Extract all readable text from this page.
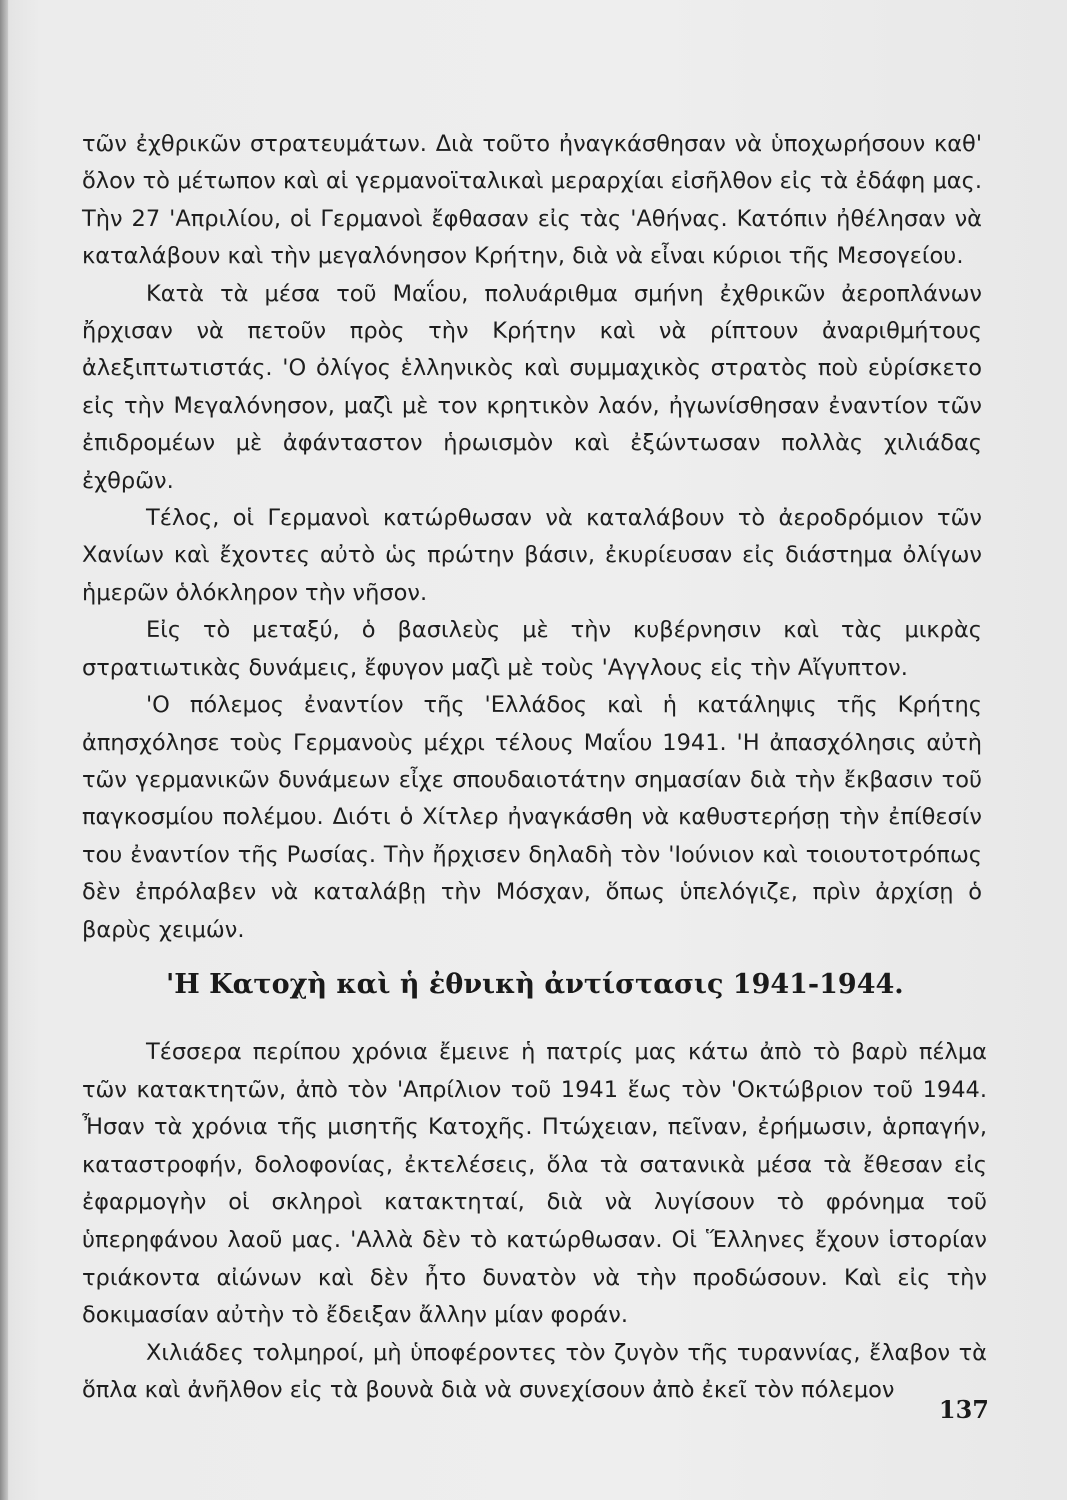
τῶν ἐχθρικῶν στρατευμάτων. Διὰ τοῦτο ἠναγκάσθησαν νὰ ὑποχωρήσουν καθ' ὅλον τὸ μέτωπον καὶ αἱ γερμανοϊταλικαὶ μεραρχίαι εἰσῆλθον εἰς τὰ ἐδάφη μας. Τὴν 27 'Απριλίου, οἱ Γερμανοὶ ἔφθασαν εἰς τὰς 'Αθήνας. Κατόπιν ἠθέλησαν νὰ καταλάβουν καὶ τὴν μεγαλόνησον Κρήτην, διὰ νὰ εἶναι κύριοι τῆς Μεσογείου.

Κατὰ τὰ μέσα τοῦ Μαΐου, πολυάριθμα σμήνη ἐχθρικῶν ἀεροπλάνων ἤρχισαν νὰ πετοῦν πρὸς τὴν Κρήτην καὶ νὰ ρίπτουν ἀναριθμήτους ἀλεξιπτωτιστάς. 'Ο ὀλίγος ἑλληνικὸς καὶ συμμαχικὸς στρατὸς ποὺ εὑρίσκετο εἰς τὴν Μεγαλόνησον, μαζὶ μὲ τον κρητικὸν λαόν, ἠγωνίσθησαν ἐναντίον τῶν ἐπιδρομέων μὲ ἀφάνταστον ἡρωισμὸν καὶ ἐξώντωσαν πολλὰς χιλιάδας ἐχθρῶν.

Τέλος, οἱ Γερμανοὶ κατώρθωσαν νὰ καταλάβουν τὸ ἀεροδρόμιον τῶν Χανίων καὶ ἔχοντες αὐτὸ ὡς πρώτην βάσιν, ἐκυρίευσαν εἰς διάστημα ὀλίγων ἡμερῶν ὁλόκληρον τὴν νῆσον.

Εἰς τὸ μεταξύ, ὁ βασιλεὺς μὲ τὴν κυβέρνησιν καὶ τὰς μικρὰς στρατιωτικὰς δυνάμεις, ἔφυγον μαζὶ μὲ τοὺς 'Αγγλους εἰς τὴν Αἴγυπτον.

'Ο πόλεμος ἐναντίον τῆς 'Ελλάδος καὶ ἡ κατάληψις τῆς Κρήτης ἀπησχόλησε τοὺς Γερμανοὺς μέχρι τέλους Μαΐου 1941. 'Η ἀπασχόλησις αὐτὴ τῶν γερμανικῶν δυνάμεων εἶχε σπουδαιοτάτην σημασίαν διὰ τὴν ἔκβασιν τοῦ παγκοσμίου πολέμου. Διότι ὁ Χίτλερ ἠναγκάσθη νὰ καθυστερήσῃ τὴν ἐπίθεσίν του ἐναντίον τῆς Ρωσίας. Τὴν ἤρχισεν δηλαδὴ τὸν 'Ιούνιον καὶ τοιουτοτρόπως δὲν ἐπρόλαβεν νὰ καταλάβῃ τὴν Μόσχαν, ὅπως ὑπελόγιζε, πρὶν ἀρχίσῃ ὁ βαρὺς χειμών.

'Η Κατοχὴ καὶ ἡ ἐθνικὴ ἀντίστασις 1941-1944.

Τέσσερα περίπου χρόνια ἔμεινε ἡ πατρίς μας κάτω ἀπὸ τὸ βαρὺ πέλμα τῶν κατακτητῶν, ἀπὸ τὸν 'Απρίλιον τοῦ 1941 ἕως τὸν 'Οκτώβριον τοῦ 1944. Ἦσαν τὰ χρόνια τῆς μισητῆς Κατοχῆς. Πτώχειαν, πεῖναν, ἐρήμωσιν, ἁρπαγήν, καταστροφήν, δολοφονίας, ἐκτελέσεις, ὅλα τὰ σατανικὰ μέσα τὰ ἔθεσαν εἰς ἐφαρμογὴν οἱ σκληροὶ κατακτηταί, διὰ νὰ λυγίσουν τὸ φρόνημα τοῦ ὑπερηφάνου λαοῦ μας. 'Αλλὰ δὲν τὸ κατώρθωσαν. Οἱ Ἕλληνες ἔχουν ἱστορίαν τριάκοντα αἰώνων καὶ δὲν ἦτο δυνατὸν νὰ τὴν προδώσουν. Καὶ εἰς τὴν δοκιμασίαν αὐτὴν τὸ ἔδειξαν ἄλλην μίαν φοράν.

Χιλιάδες τολμηροί, μὴ ὑποφέροντες τὸν ζυγὸν τῆς τυραννίας, ἔλαβον τὰ ὅπλα καὶ ἀνῆλθον εἰς τὰ βουνὰ διὰ νὰ συνεχίσουν ἀπὸ ἐκεῖ τὸν πόλεμον

137
